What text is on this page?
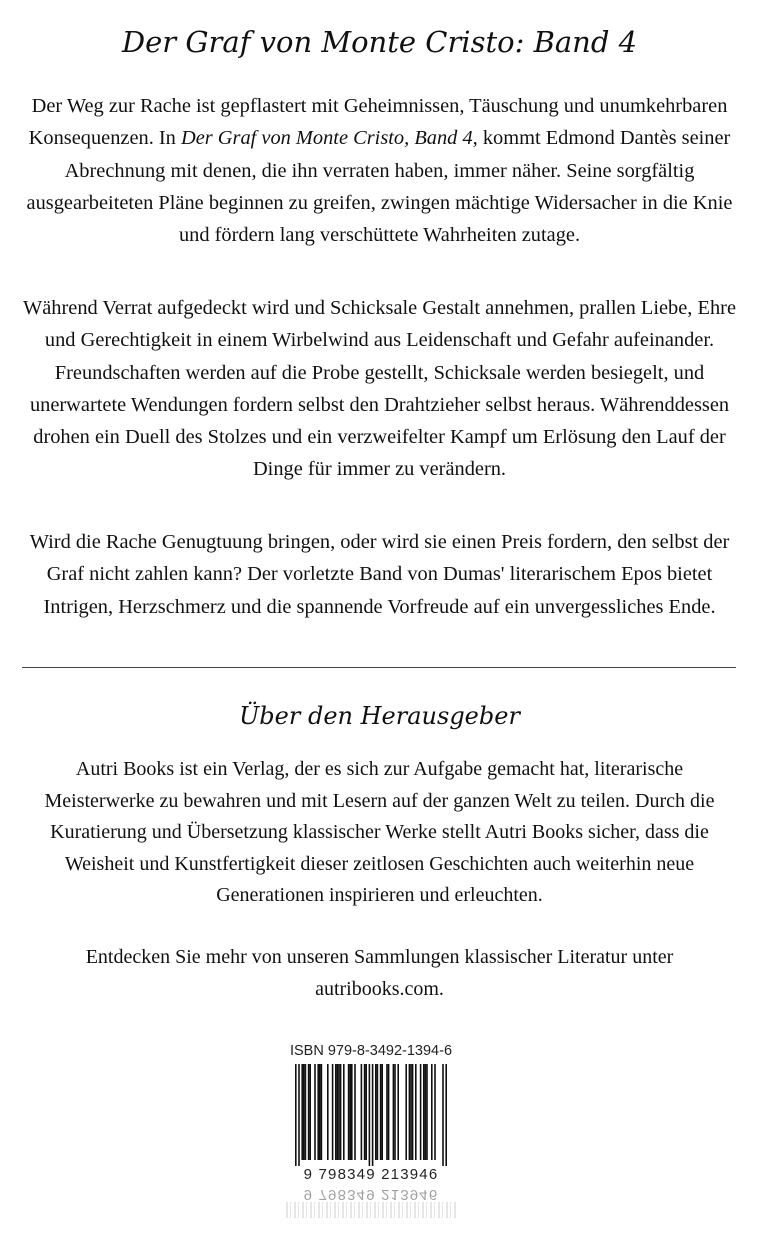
Der Graf von Monte Cristo: Band 4

Der Weg zur Rache ist gepflastert mit Geheimnissen, Täuschung und unumkehrbaren Konsequenzen. In Der Graf von Monte Cristo, Band 4, kommt Edmond Dantès seiner Abrechnung mit denen, die ihn verraten haben, immer näher. Seine sorgfältig ausgearbeiteten Pläne beginnen zu greifen, zwingen mächtige Widersacher in die Knie und fördern lang verschüttete Wahrheiten zutage.

Während Verrat aufgedeckt wird und Schicksale Gestalt annehmen, prallen Liebe, Ehre und Gerechtigkeit in einem Wirbelwind aus Leidenschaft und Gefahr aufeinander. Freundschaften werden auf die Probe gestellt, Schicksale werden besiegelt, und unerwartete Wendungen fordern selbst den Drahtzieher selbst heraus. Währenddessen drohen ein Duell des Stolzes und ein verzweifelter Kampf um Erlösung den Lauf der Dinge für immer zu verändern.

Wird die Rache Genugtuung bringen, oder wird sie einen Preis fordern, den selbst der Graf nicht zahlen kann? Der vorletzte Band von Dumas' literarischem Epos bietet Intrigen, Herzschmerz und die spannende Vorfreude auf ein unvergessliches Ende.

Über den Herausgeber

Autri Books ist ein Verlag, der es sich zur Aufgabe gemacht hat, literarische Meisterwerke zu bewahren und mit Lesern auf der ganzen Welt zu teilen. Durch die Kuratierung und Übersetzung klassischer Werke stellt Autri Books sicher, dass die Weisheit und Kunstfertigkeit dieser zeitlosen Geschichten auch weiterhin neue Generationen inspirieren und erleuchten.

Entdecken Sie mehr von unseren Sammlungen klassischer Literatur unter autribooks.com.

ISBN 979-8-3492-1394-6
9 798349 213946
9 798349 213946
